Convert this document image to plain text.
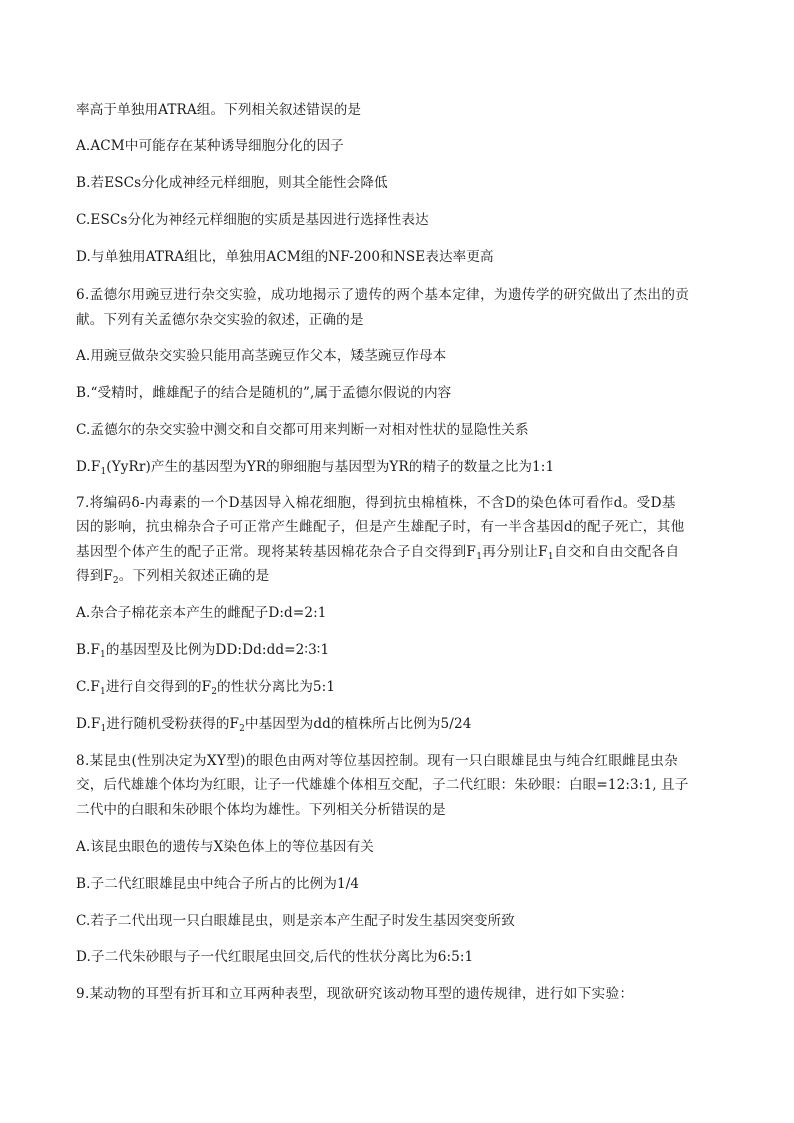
率高于单独用ATRA组。下列相关叙述错误的是
A.ACM中可能存在某种诱导细胞分化的因子
B.若ESCs分化成神经元样细胞，则其全能性会降低
C.ESCs分化为神经元样细胞的实质是基因进行选择性表达
D.与单独用ATRA组比，单独用ACM组的NF-200和NSE表达率更高
6.孟德尔用豌豆进行杂交实验，成功地揭示了遗传的两个基本定律，为遗传学的研究做出了杰出的贡
献。下列有关孟德尔杂交实验的叙述，正确的是
A.用豌豆做杂交实验只能用高茎豌豆作父本，矮茎豌豆作母本
B.“受精时，雌雄配子的结合是随机的”,属于孟德尔假说的内容
C.孟德尔的杂交实验中测交和自交都可用来判断一对相对性状的显隐性关系
$D.F_1(YyRr)$产生的基因型为YR的卵细胞与基因型为YR的精子的数量之比为1:1
7.将编码δ-内毒素的一个D基因导入棉花细胞，得到抗虫棉植株，不含D的染色体可看作d。受D基
因的影响，抗虫棉杂合子可正常产生雌配子，但是产生雄配子时，有一半含基因d的配子死亡，其他
基因型个体产生的配子正常。现将某转基因棉花杂合子自交得到$F_1$再分别让$F_1$自交和自由交配各自
得到$F_2$。下列相关叙述正确的是
A.杂合子棉花亲本产生的雌配子D:d=2:1
$B.F_1$的基因型及比例为DD:Dd:dd=2∶3∶1
$C.F_1$进行自交得到的$F_2$的性状分离比为5:1
$D.F_1$进行随机受粉获得的$F_2$中基因型为dd的植株所占比例为5/24
8.某昆虫(性别决定为XY型)的眼色由两对等位基因控制。现有一只白眼雄昆虫与纯合红眼雌昆虫杂
交，后代雄雄个体均为红眼，让子一代雄雄个体相互交配，子二代红眼：朱砂眼：白眼=12:3:1, 且子
二代中的白眼和朱砂眼个体均为雄性。下列相关分析错误的是
A.该昆虫眼色的遗传与X染色体上的等位基因有关
B.子二代红眼雄昆虫中纯合子所占的比例为1/4
C.若子二代出现一只白眼雄昆虫，则是亲本产生配子时发生基因突变所致
D.子二代朱砂眼与子一代红眼尾虫回交,后代的性状分离比为6:5:1
9.某动物的耳型有折耳和立耳两种表型，现欲研究该动物耳型的遗传规律，进行如下实验：
